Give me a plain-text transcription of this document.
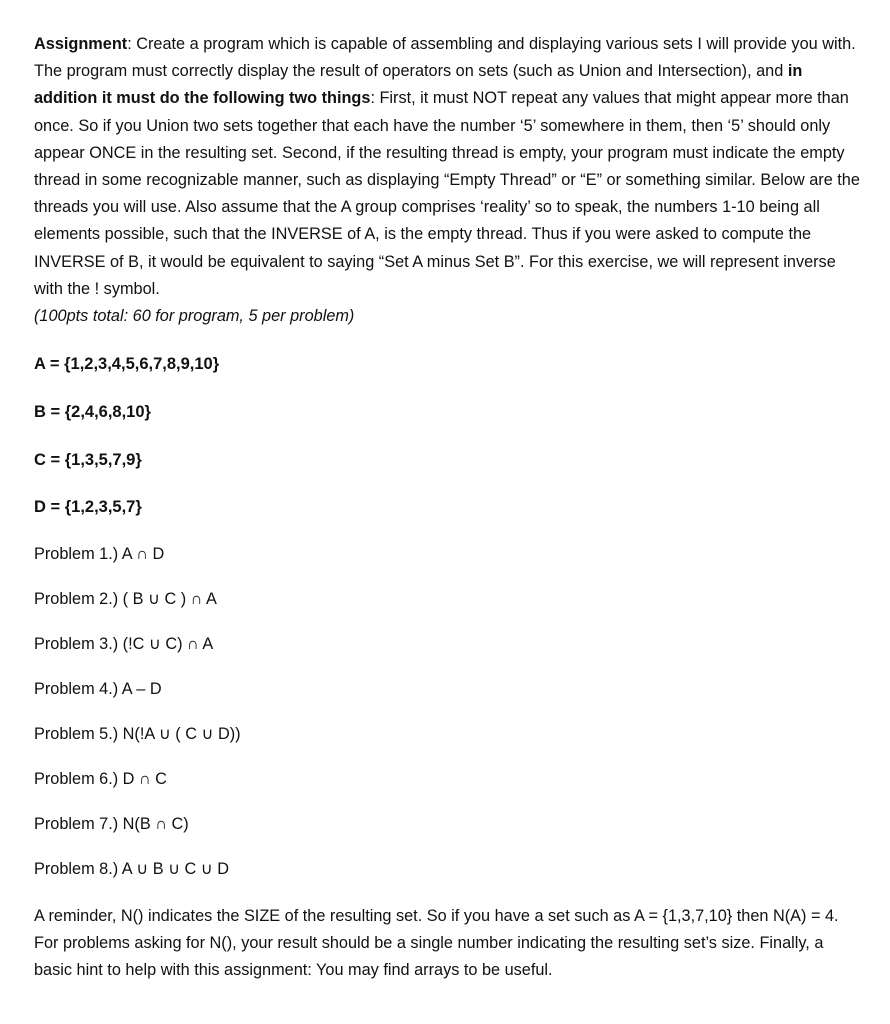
Assignment: Create a program which is capable of assembling and displaying various sets I will provide you with. The program must correctly display the result of operators on sets (such as Union and Intersection), and in addition it must do the following two things: First, it must NOT repeat any values that might appear more than once. So if you Union two sets together that each have the number ‘5’ somewhere in them, then ‘5’ should only appear ONCE in the resulting set. Second, if the resulting thread is empty, your program must indicate the empty thread in some recognizable manner, such as displaying “Empty Thread” or “E” or something similar. Below are the threads you will use. Also assume that the A group comprises ‘reality’ so to speak, the numbers 1-10 being all elements possible, such that the INVERSE of A, is the empty thread. Thus if you were asked to compute the INVERSE of B, it would be equivalent to saying “Set A minus Set B”. For this exercise, we will represent inverse with the ! symbol.
(100pts total: 60 for program, 5 per problem)

A = {1,2,3,4,5,6,7,8,9,10}

B = {2,4,6,8,10}

C = {1,3,5,7,9}

D = {1,2,3,5,7}

Problem 1.) A ∩ D

Problem 2.) ( B ∪ C ) ∩ A

Problem 3.) (!C ∪ C) ∩ A

Problem 4.) A – D

Problem 5.) N(!A ∪ ( C ∪ D))

Problem 6.) D ∩ C

Problem 7.) N(B ∩ C)

Problem 8.) A ∪ B ∪ C ∪ D

A reminder, N() indicates the SIZE of the resulting set. So if you have a set such as A = {1,3,7,10} then N(A) = 4. For problems asking for N(), your result should be a single number indicating the resulting set’s size. Finally, a basic hint to help with this assignment: You may find arrays to be useful.
